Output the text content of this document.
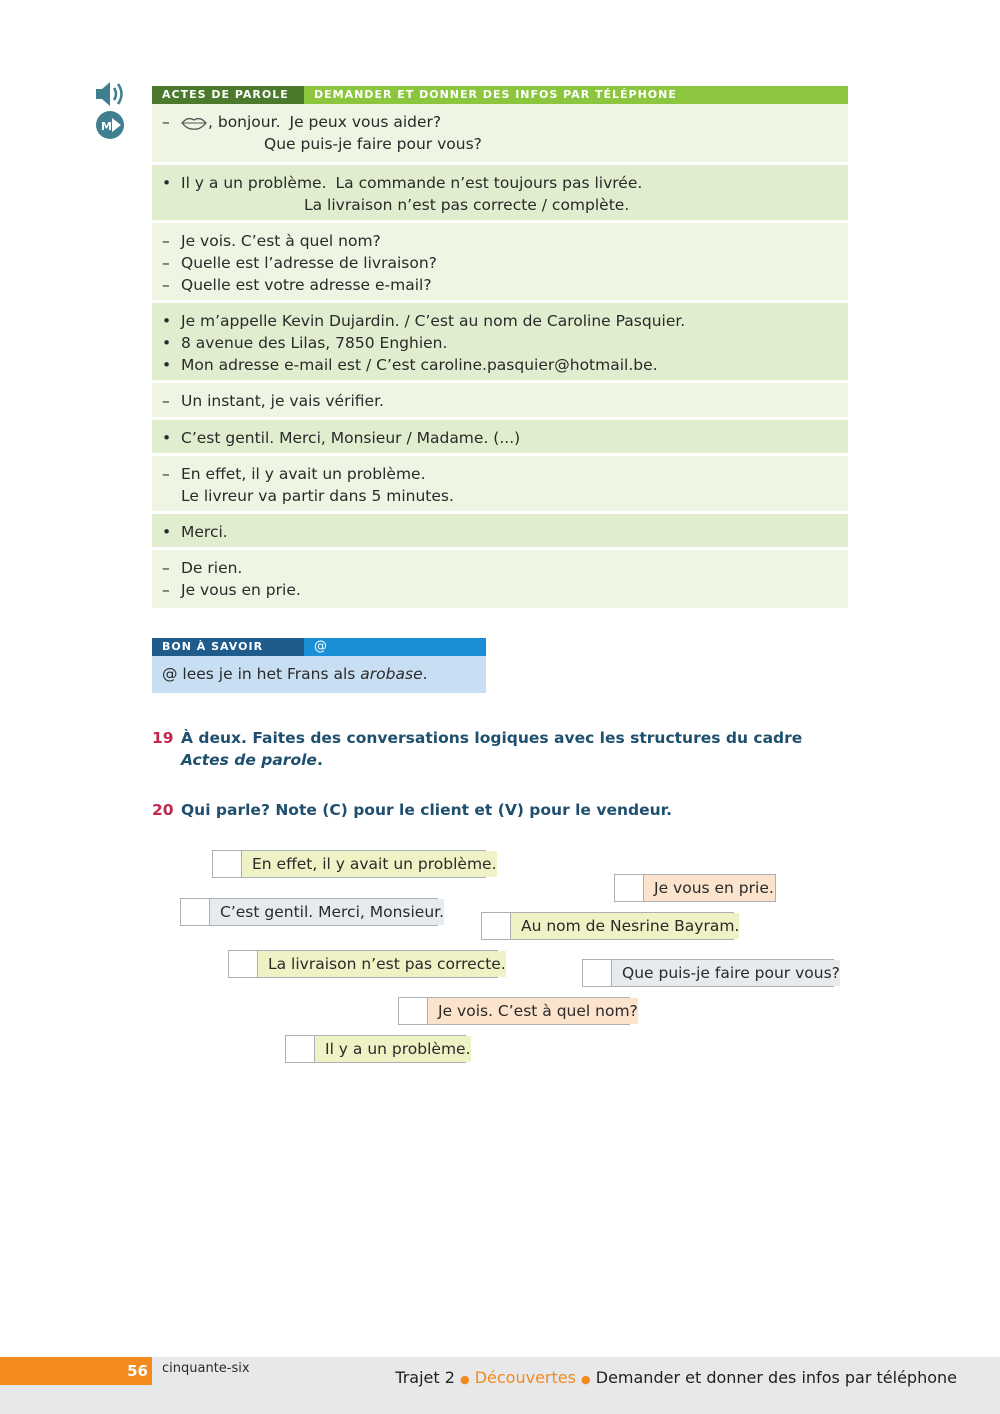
M
ACTES DE PAROLE	DEMANDER ET DONNER DES INFOS PAR TÉLÉPHONE
–	, bonjour. Je peux vous aider?
Que puis-je faire pour vous?
• Il y a un problème. La commande n’est toujours pas livrée.
La livraison n’est pas correcte / complète.
– Je vois. C’est à quel nom?
– Quelle est l’adresse de livraison?
– Quelle est votre adresse e-mail?
• Je m’appelle Kevin Dujardin. / C’est au nom de Caroline Pasquier.
• 8 avenue des Lilas, 7850 Enghien.
• Mon adresse e-mail est / C’est caroline.pasquier@hotmail.be.
– Un instant, je vais vérifier.
• C’est gentil. Merci, Monsieur / Madame. (...)
– En effet, il y avait un problème.
Le livreur va partir dans 5 minutes.
• Merci.
– De rien.
– Je vous en prie.
BON À SAVOIR	@
@ lees je in het Frans als arobase.
19 À deux. Faites des conversations logiques avec les structures du cadre
Actes de parole.
20 Qui parle? Note (C) pour le client et (V) pour le vendeur.
En effet, il y avait un problème.
Je vous en prie.
C’est gentil. Merci, Monsieur.
Au nom de Nesrine Bayram.
La livraison n’est pas correcte.	Que puis-je faire pour vous?
Je vois. C’est à quel nom?
Il y a un problème.
56 cinquante-six	Trajet 2 ● Découvertes ● Demander et donner des infos par téléphone
